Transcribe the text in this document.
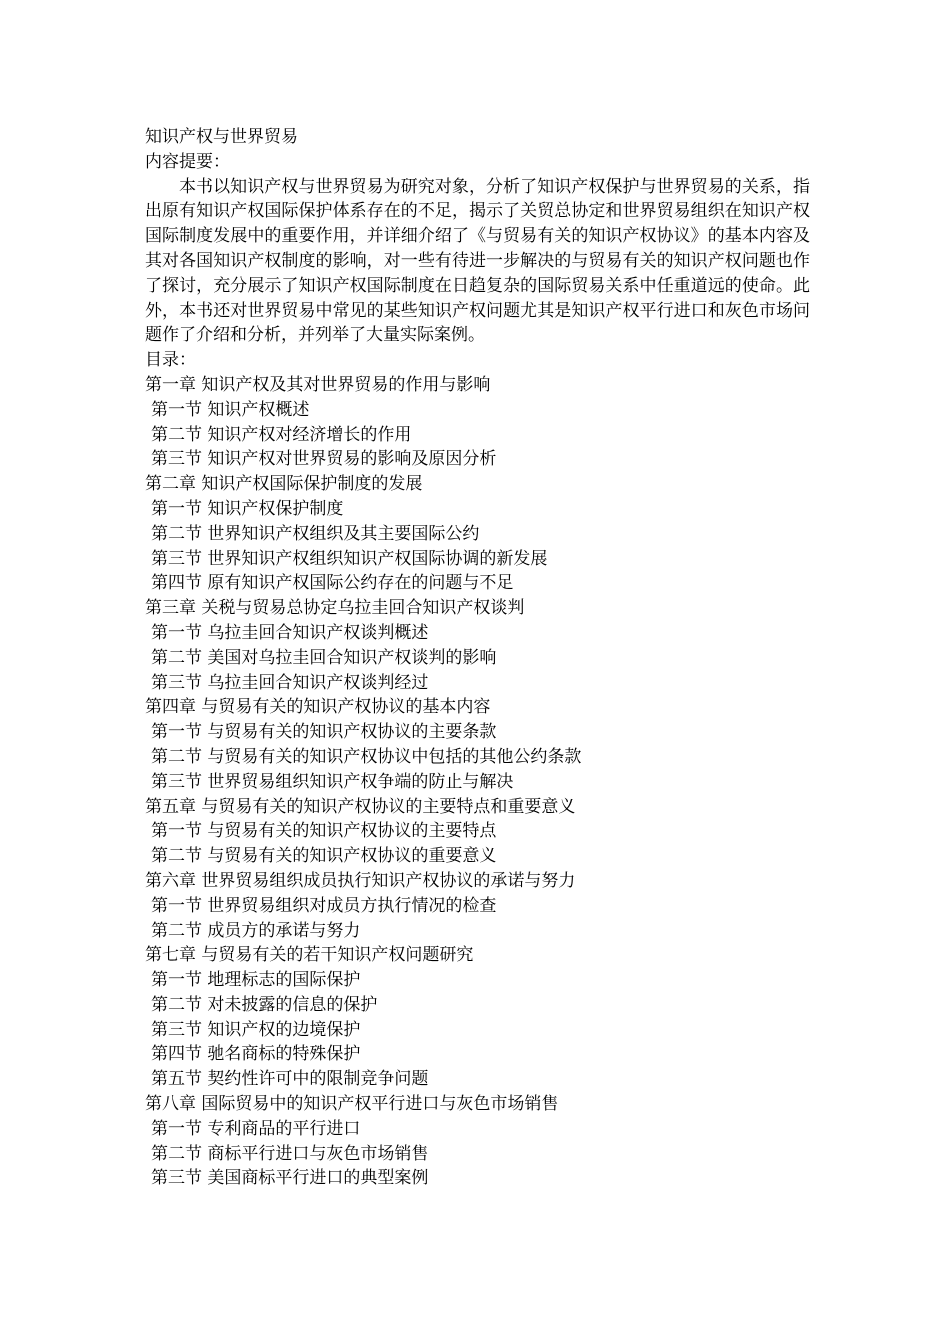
知识产权与世界贸易
内容提要：

本书以知识产权与世界贸易为研究对象，分析了知识产权保护与世界贸易的关系，指出原有知识产权国际保护体系存在的不足，揭示了关贸总协定和世界贸易组织在知识产权国际制度发展中的重要作用，并详细介绍了《与贸易有关的知识产权协议》的基本内容及其对各国知识产权制度的影响，对一些有待进一步解决的与贸易有关的知识产权问题也作了探讨，充分展示了知识产权国际制度在日趋复杂的国际贸易关系中任重道远的使命。此外，本书还对世界贸易中常见的某些知识产权问题尤其是知识产权平行进口和灰色市场问题作了介绍和分析，并列举了大量实际案例。

目录：
第一章 知识产权及其对世界贸易的作用与影响
第一节 知识产权概述
第二节 知识产权对经济增长的作用
第三节 知识产权对世界贸易的影响及原因分析
第二章 知识产权国际保护制度的发展
第一节 知识产权保护制度
第二节 世界知识产权组织及其主要国际公约
第三节 世界知识产权组织知识产权国际协调的新发展
第四节 原有知识产权国际公约存在的问题与不足
第三章 关税与贸易总协定乌拉圭回合知识产权谈判
第一节 乌拉圭回合知识产权谈判概述
第二节 美国对乌拉圭回合知识产权谈判的影响
第三节 乌拉圭回合知识产权谈判经过
第四章 与贸易有关的知识产权协议的基本内容
第一节 与贸易有关的知识产权协议的主要条款
第二节 与贸易有关的知识产权协议中包括的其他公约条款
第三节 世界贸易组织知识产权争端的防止与解决
第五章 与贸易有关的知识产权协议的主要特点和重要意义
第一节 与贸易有关的知识产权协议的主要特点
第二节 与贸易有关的知识产权协议的重要意义
第六章 世界贸易组织成员执行知识产权协议的承诺与努力
第一节 世界贸易组织对成员方执行情况的检查
第二节 成员方的承诺与努力
第七章 与贸易有关的若干知识产权问题研究
第一节 地理标志的国际保护
第二节 对未披露的信息的保护
第三节 知识产权的边境保护
第四节 驰名商标的特殊保护
第五节 契约性许可中的限制竞争问题
第八章 国际贸易中的知识产权平行进口与灰色市场销售
第一节 专利商品的平行进口
第二节 商标平行进口与灰色市场销售
第三节 美国商标平行进口的典型案例
